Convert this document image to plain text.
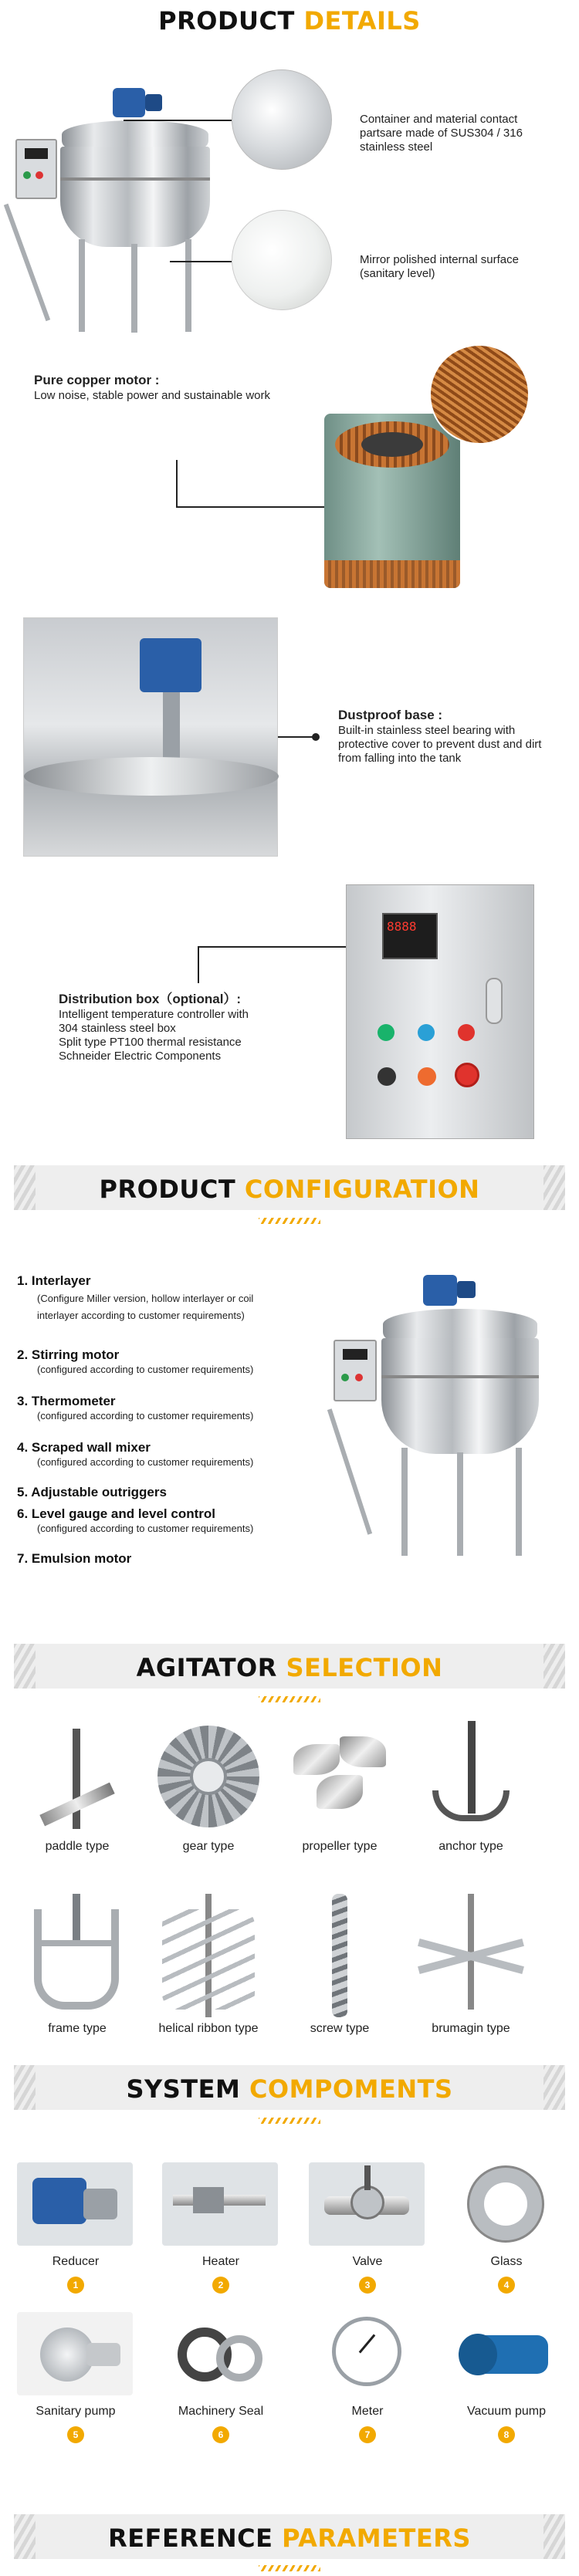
PRODUCT DETAILS
Container and material contact partsare made of SUS304 / 316 stainless steel
Mirror polished internal surface (sanitary level)
Pure copper motor :
Low noise, stable power and sustainable work
Dustproof base :
Built-in stainless steel bearing with protective cover to prevent dust and dirt from falling into the tank
8888
Distribution box（optional）:
Intelligent temperature controller with
304 stainless steel box
Split type PT100 thermal resistance
Schneider Electric Components
PRODUCT CONFIGURATION
1. Interlayer
(Configure Miller version, hollow interlayer or coil
interlayer according to customer requirements)
2. Stirring motor
(configured according to customer requirements)
3. Thermometer
(configured according to customer requirements)
4. Scraped wall mixer
(configured according to customer requirements)
5. Adjustable outriggers
6. Level gauge and level control
(configured according to customer requirements)
7. Emulsion motor
AGITATOR SELECTION
paddle type	gear type	propeller type	anchor type
frame type	helical ribbon type	screw type	brumagin type
SYSTEM COMPOMENTS
Reducer	Heater	Valve	Glass
1	2	3	4
Sanitary pump	Machinery Seal	Meter	Vacuum pump
5	6	7	8
REFERENCE PARAMETERS
